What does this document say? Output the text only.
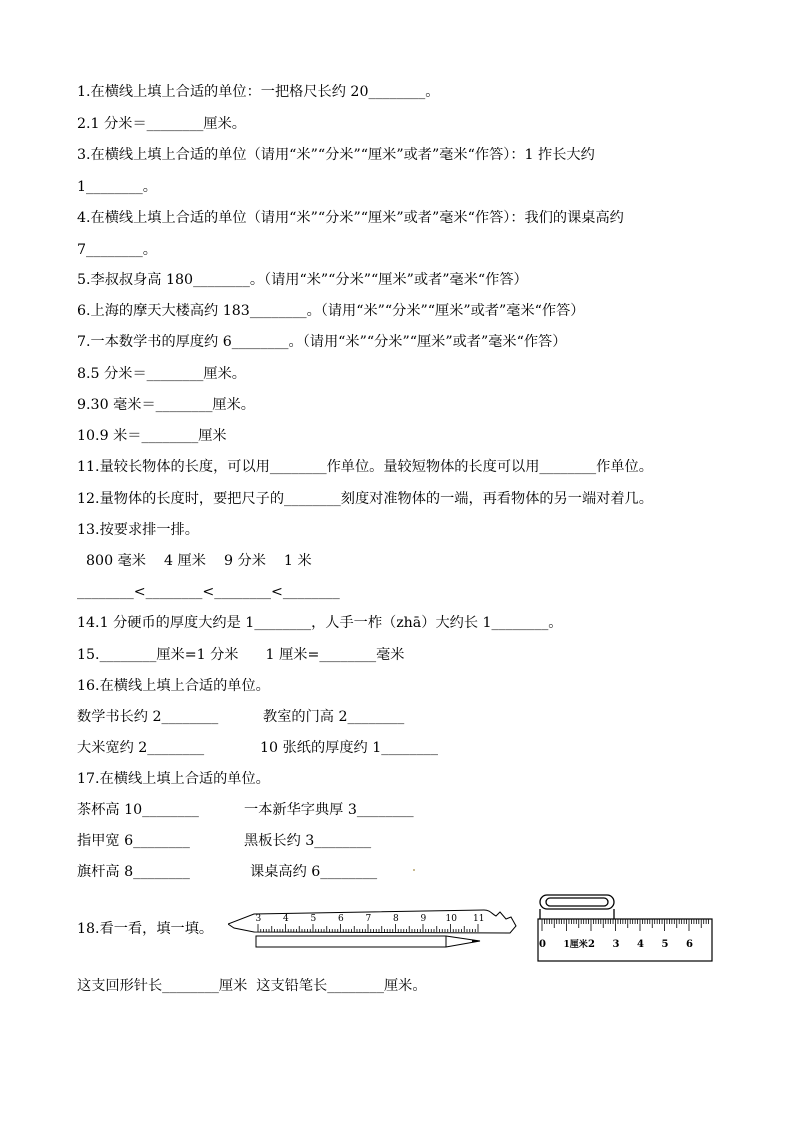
1.在横线上填上合适的单位：一把格尺长约 20________。
2.1 分米＝________厘米。
3.在横线上填上合适的单位（请用“米”“分米”“厘米”或者”毫米“作答）：1 拃长大约
1________。
4.在横线上填上合适的单位（请用“米”“分米”“厘米”或者”毫米“作答）：我们的课桌高约
7________。
5.李叔叔身高 180________。（请用“米”“分米”“厘米”或者”毫米“作答）
6.上海的摩天大楼高约 183________。（请用“米”“分米”“厘米”或者”毫米“作答）
7.一本数学书的厚度约 6________。（请用“米”“分米”“厘米”或者”毫米“作答）
8.5 分米＝________厘米。
9.30 毫米＝________厘米。
10.9 米＝________厘米
11.量较长物体的长度，可以用________作单位。量较短物体的长度可以用________作单位。
12.量物体的长度时，要把尺子的________刻度对准物体的一端，再看物体的另一端对着几。
13.按要求排一排。
800 毫米    4 厘米    9 分米    1 米
________<________<________<________
14.1 分硬币的厚度大约是 1________，人手一柞（zhā）大约长 1________。
15.________厘米=1 分米      1 厘米=________毫米
16.在横线上填上合适的单位。
数学书长约 2________	教室的门高 2________
大米宽约 2________	10 张纸的厚度约 1________
17.在横线上填上合适的单位。
茶杯高 10________	一本新华字典厚 3________
指甲宽 6________	黑板长约 3________
旗杆高 8________	课桌高约 6________
18.看一看，填一填。
3 4 5 6 7 8 9 10 11
0 1厘米 2 3 4 5 6
这支回形针长________厘米  这支铅笔长________厘米。
